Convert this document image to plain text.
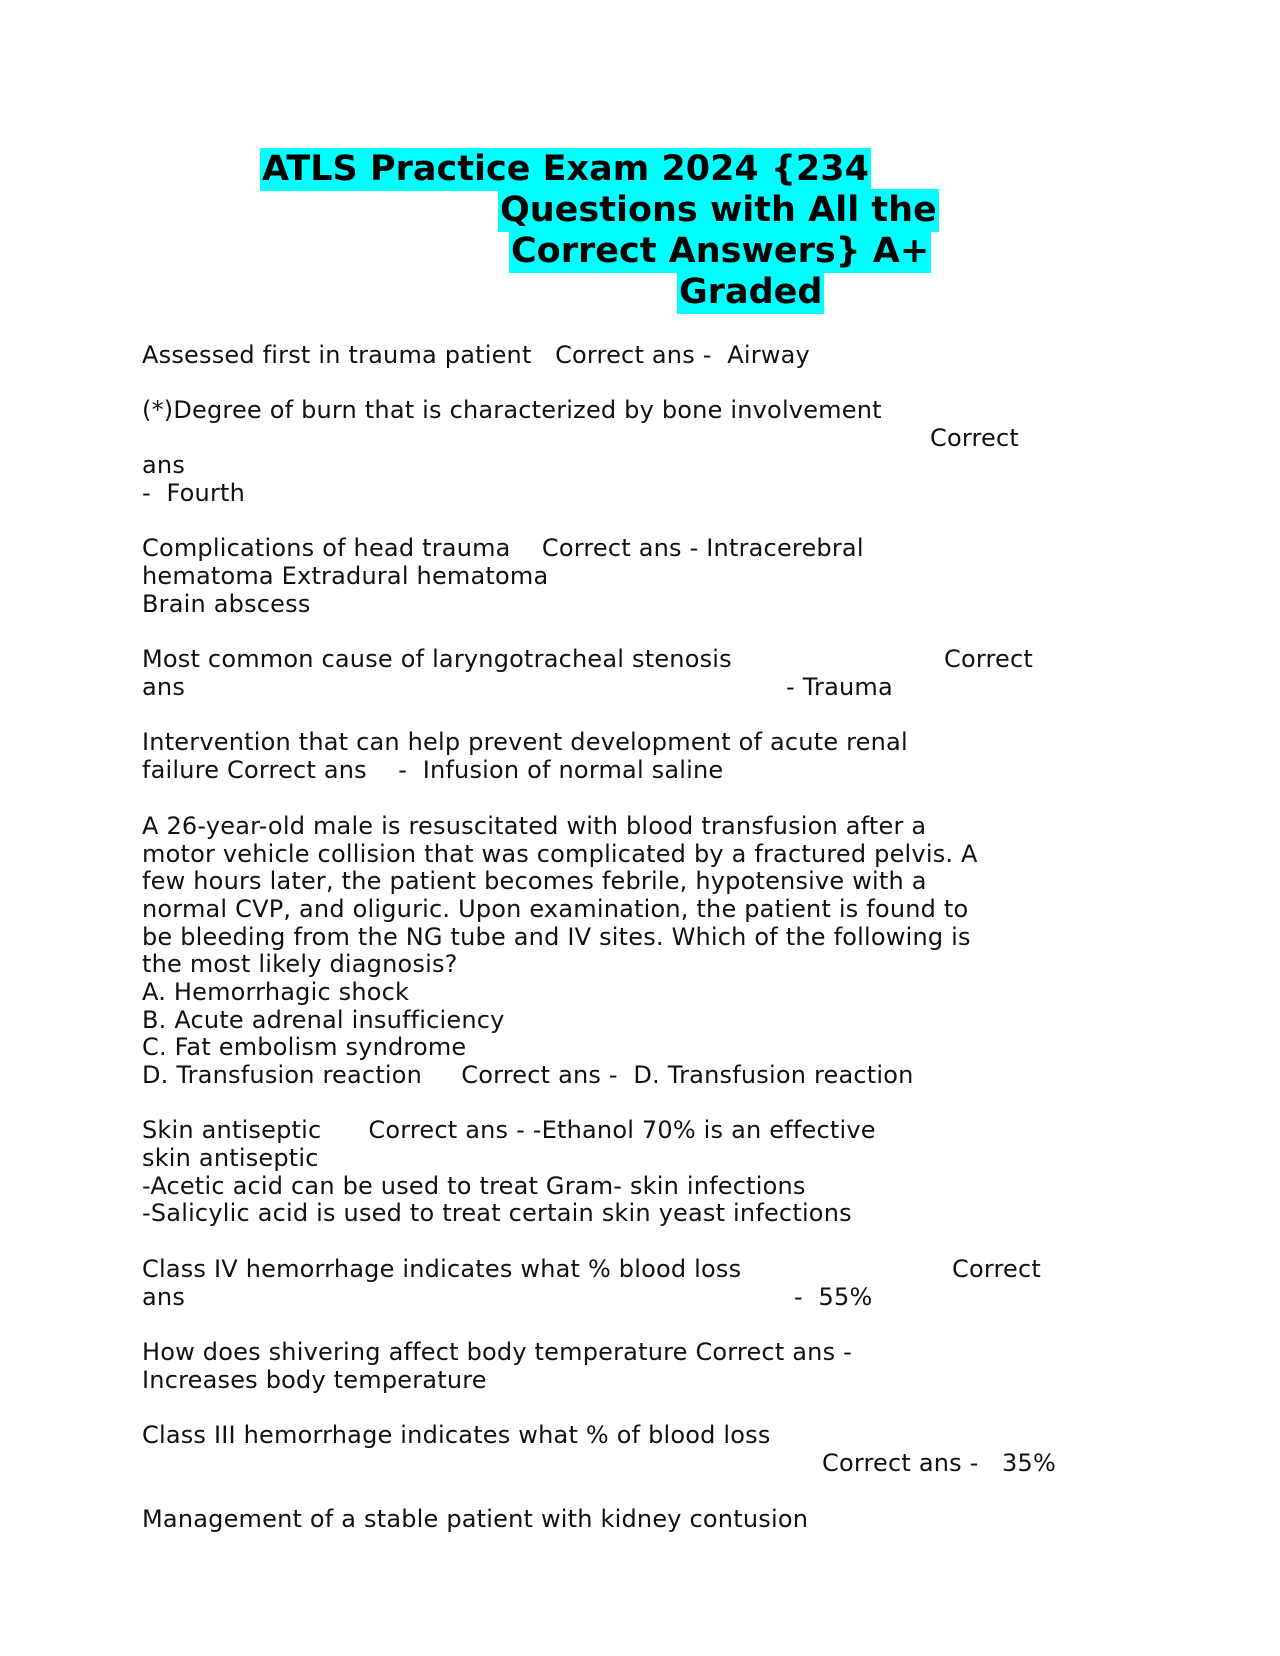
ATLS Practice Exam 2024 {234
Questions with All the
Correct Answers} A+
Graded
Assessed first in trauma patient   Correct ans -  Airway
(*)Degree of burn that is characterized by bone involvement
Correct
ans
-  Fourth
Complications of head trauma    Correct ans - Intracerebral
hematoma Extradural hematoma
Brain abscess
Most common cause of laryngotracheal stenosis	Correct
ans	- Trauma
Intervention that can help prevent development of acute renal
failure Correct ans    -  Infusion of normal saline
A 26-year-old male is resuscitated with blood transfusion after a
motor vehicle collision that was complicated by a fractured pelvis. A
few hours later, the patient becomes febrile, hypotensive with a
normal CVP, and oliguric. Upon examination, the patient is found to
be bleeding from the NG tube and IV sites. Which of the following is
the most likely diagnosis?
A. Hemorrhagic shock
B. Acute adrenal insufficiency
C. Fat embolism syndrome
D. Transfusion reaction     Correct ans -  D. Transfusion reaction
Skin antiseptic      Correct ans - -Ethanol 70% is an effective
skin antiseptic
-Acetic acid can be used to treat Gram- skin infections
-Salicylic acid is used to treat certain skin yeast infections
Class IV hemorrhage indicates what % blood loss	Correct
ans	-  55%
How does shivering affect body temperature Correct ans -
Increases body temperature
Class III hemorrhage indicates what % of blood loss
Correct ans -   35%
Management of a stable patient with kidney contusion
